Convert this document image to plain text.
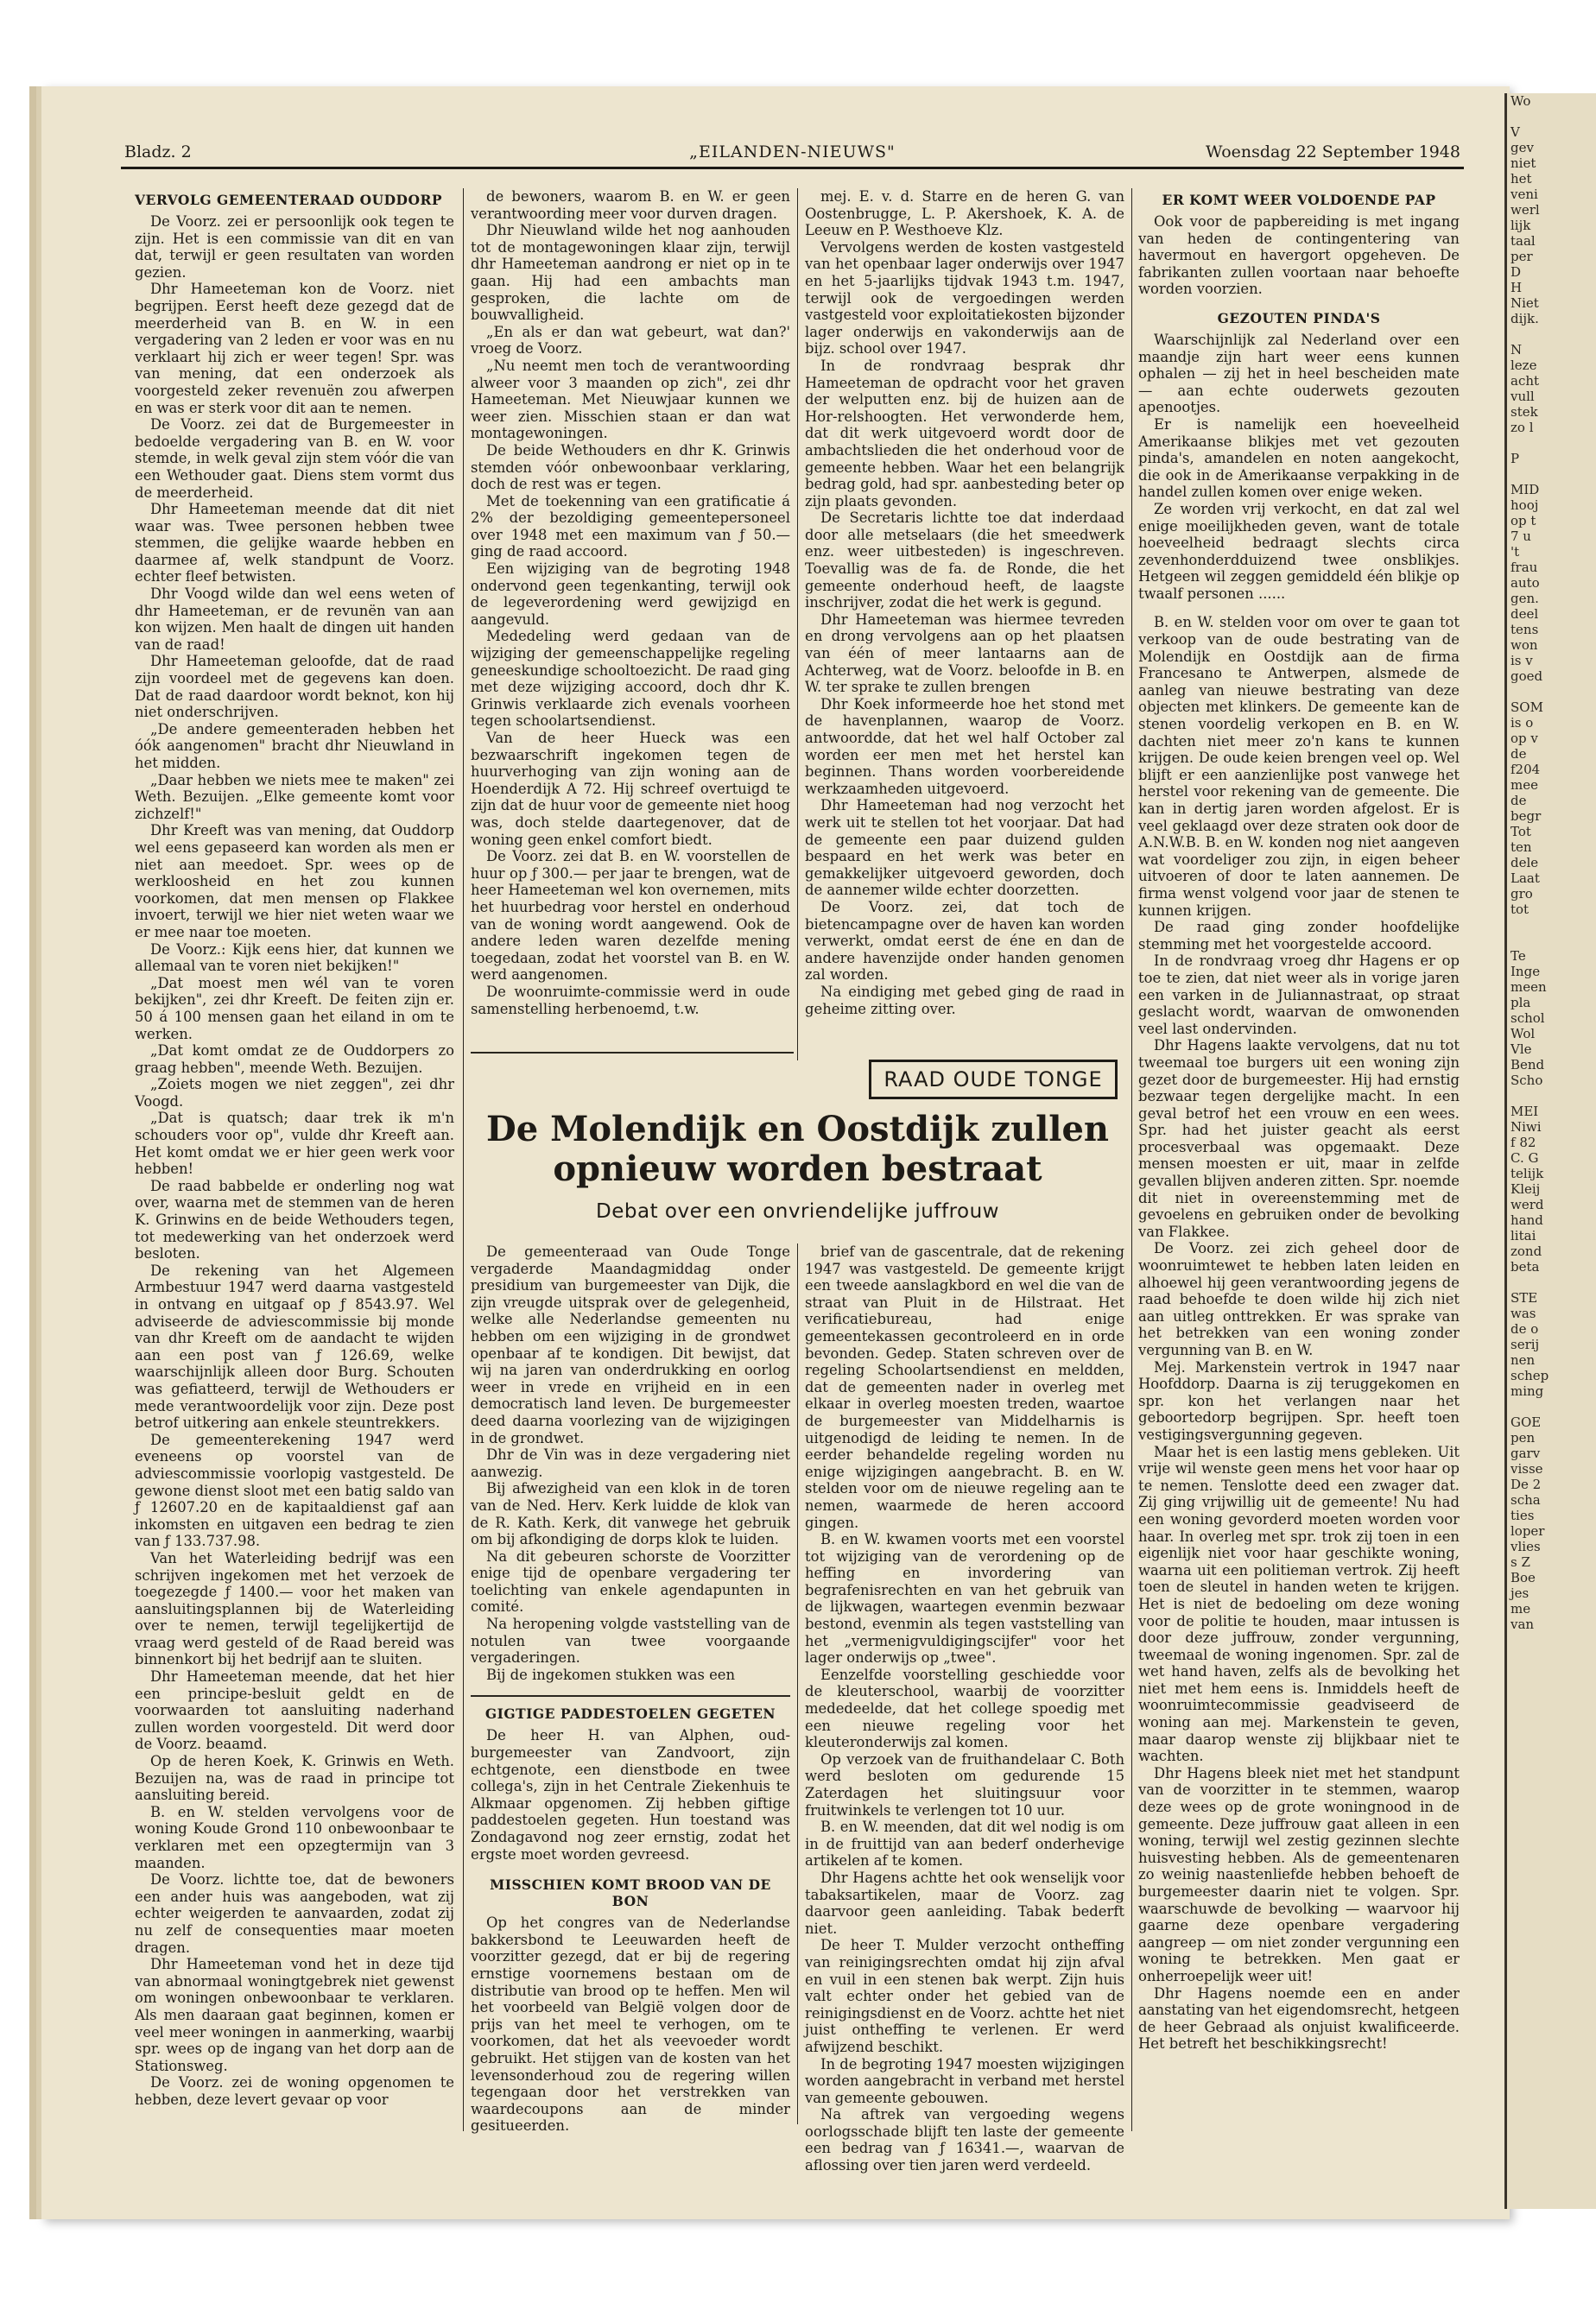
Wo

V
gev
niet
het
veni
werl
lijk
taal
per
D
H
Niet
dijk.

N
leze
acht
vull
stek
zo l

P

MID
hooj
op t
7 u
't
frau
auto
gen.
deel
tens
won
is v
goed

SOM
is o
op v
de
f204
mee
de
begr
Tot
ten
dele
Laat
gro
tot

Te
Inge
meen
pla
schol
Wol
Vle
Bend
Scho

MEI
Niwi
f 82
C. G
telijk
Kleij
werd
hand
litai
zond
beta

STE
was
de o
serij
nen
schep
ming

GOE
pen
garv
visse
De 2
scha
ties
loper
vlies
s Z
Boe
jes
me
van
Bladz. 2	„EILANDEN-NIEUWS"	Woensdag 22 September 1948
VERVOLG GEMEENTERAAD OUDDORP

De Voorz. zei er persoonlijk ook tegen te zijn. Het is een commissie van dit en van dat, terwijl er geen resultaten van worden gezien.

Dhr Hameeteman kon de Voorz. niet begrijpen. Eerst heeft deze gezegd dat de meerderheid van B. en W. in een vergadering van 2 leden er voor was en nu verklaart hij zich er weer tegen! Spr. was van mening, dat een onderzoek als voorgesteld zeker revenuën zou afwerpen en was er sterk voor dit aan te nemen.

De Voorz. zei dat de Burgemeester in bedoelde vergadering van B. en W. voor stemde, in welk geval zijn stem vóór die van een Wethouder gaat. Diens stem vormt dus de meerderheid.

Dhr Hameeteman meende dat dit niet waar was. Twee personen hebben twee stemmen, die gelijke waarde hebben en daarmee af, welk standpunt de Voorz. echter fleef betwisten.

Dhr Voogd wilde dan wel eens weten of dhr Hameeteman, er de revunën van aan kon wijzen. Men haalt de dingen uit handen van de raad!

Dhr Hameeteman geloofde, dat de raad zijn voordeel met de gegevens kan doen. Dat de raad daardoor wordt beknot, kon hij niet onderschrijven.

„De andere gemeenteraden hebben het óók aangenomen" bracht dhr Nieuwland in het midden.

„Daar hebben we niets mee te maken" zei Weth. Bezuijen. „Elke gemeente komt voor zichzelf!"

Dhr Kreeft was van mening, dat Ouddorp wel eens gepaseerd kan worden als men er niet aan meedoet. Spr. wees op de werkloosheid en het zou kunnen voorkomen, dat men mensen op Flakkee invoert, terwijl we hier niet weten waar we er mee naar toe moeten.

De Voorz.: Kijk eens hier, dat kunnen we allemaal van te voren niet bekijken!"

„Dat moest men wél van te voren bekijken", zei dhr Kreeft. De feiten zijn er. 50 á 100 mensen gaan het eiland in om te werken.

„Dat komt omdat ze de Ouddorpers zo graag hebben", meende Weth. Bezuijen.

„Zoiets mogen we niet zeggen", zei dhr Voogd.

„Dat is quatsch; daar trek ik m'n schouders voor op", vulde dhr Kreeft aan. Het komt omdat we er hier geen werk voor hebben!

De raad babbelde er onderling nog wat over, waarna met de stemmen van de heren K. Grinwins en de beide Wethouders tegen, tot medewerking van het onderzoek werd besloten.

De rekening van het Algemeen Armbestuur 1947 werd daarna vastgesteld in ontvang en uitgaaf op ƒ 8543.97. Wel adviseerde de adviescommissie bij monde van dhr Kreeft om de aandacht te wijden aan een post van ƒ 126.69, welke waarschijnlijk alleen door Burg. Schouten was gefiatteerd, terwijl de Wethouders er mede verantwoordelijk voor zijn. Deze post betrof uitkering aan enkele steuntrekkers.

De gemeenterekening 1947 werd eveneens op voorstel van de adviescommissie voorlopig vastgesteld. De gewone dienst sloot met een batig saldo van ƒ 12607.20 en de kapitaaldienst gaf aan inkomsten en uitgaven een bedrag te zien van ƒ 133.737.98.

Van het Waterleiding bedrijf was een schrijven ingekomen met het verzoek de toegezegde ƒ 1400.— voor het maken van aansluitingsplannen bij de Waterleiding over te nemen, terwijl tegelijkertijd de vraag werd gesteld of de Raad bereid was binnenkort bij het bedrijf aan te sluiten.

Dhr Hameeteman meende, dat het hier een principe-besluit geldt en de voorwaarden tot aansluiting naderhand zullen worden voorgesteld. Dit werd door de Voorz. beaamd.

Op de heren Koek, K. Grinwis en Weth. Bezuijen na, was de raad in principe tot aansluiting bereid.

B. en W. stelden vervolgens voor de woning Koude Grond 110 onbewoonbaar te verklaren met een opzegtermijn van 3 maanden.

De Voorz. lichtte toe, dat de bewoners een ander huis was aangeboden, wat zij echter weigerden te aanvaarden, zodat zij nu zelf de consequenties maar moeten dragen.

Dhr Hameeteman vond het in deze tijd van abnormaal woningtgebrek niet gewenst om woningen onbewoonbaar te verklaren. Als men daaraan gaat beginnen, komen er veel meer woningen in aanmerking, waarbij spr. wees op de ingang van het dorp aan de Stationsweg.

De Voorz. zei de woning opgenomen te hebben, deze levert gevaar op voor

de bewoners, waarom B. en W. er geen verantwoording meer voor durven dragen.

Dhr Nieuwland wilde het nog aanhouden tot de montagewoningen klaar zijn, terwijl dhr Hameeteman aandrong er niet op in te gaan. Hij had een ambachts man gesproken, die lachte om de bouwvalligheid.

„En als er dan wat gebeurt, wat dan?' vroeg de Voorz.

„Nu neemt men toch de verantwoording alweer voor 3 maanden op zich", zei dhr Hameeteman. Met Nieuwjaar kunnen we weer zien. Misschien staan er dan wat montagewoningen.

De beide Wethouders en dhr K. Grinwis stemden vóór onbewoonbaar verklaring, doch de rest was er tegen.

Met de toekenning van een gratificatie á 2% der bezoldiging gemeentepersoneel over 1948 met een maximum van ƒ 50.— ging de raad accoord.

Een wijziging van de begroting 1948 ondervond geen tegenkanting, terwijl ook de legeverordening werd gewijzigd en aangevuld.

Mededeling werd gedaan van de wijziging der gemeenschappelijke regeling geneeskundige schooltoezicht. De raad ging met deze wijziging accoord, doch dhr K. Grinwis verklaarde zich evenals voorheen tegen schoolartsendienst.

Van de heer Hueck was een bezwaarschrift ingekomen tegen de huurverhoging van zijn woning aan de Hoenderdijk A 72. Hij schreef overtuigd te zijn dat de huur voor de gemeente niet hoog was, doch stelde daartegenover, dat de woning geen enkel comfort biedt.

De Voorz. zei dat B. en W. voorstellen de huur op ƒ 300.— per jaar te brengen, wat de heer Hameeteman wel kon overnemen, mits het huurbedrag voor herstel en onderhoud van de woning wordt aangewend. Ook de andere leden waren dezelfde mening toegedaan, zodat het voorstel van B. en W. werd aangenomen.

De woonruimte-commissie werd in oude samenstelling herbenoemd, t.w.

mej. E. v. d. Starre en de heren G. van Oostenbrugge, L. P. Akershoek, K. A. de Leeuw en P. Westhoeve Klz.

Vervolgens werden de kosten vastgesteld van het openbaar lager onderwijs over 1947 en het 5-jaarlijks tijdvak 1943 t.m. 1947, terwijl ook de vergoedingen werden vastgesteld voor exploitatiekosten bijzonder lager onderwijs en vakonderwijs aan de bijz. school over 1947.

In de rondvraag besprak dhr Hameeteman de opdracht voor het graven der welputten enz. bij de huizen aan de Hor-relshoogten. Het verwonderde hem, dat dit werk uitgevoerd wordt door de ambachtslieden die het onderhoud voor de gemeente hebben. Waar het een belangrijk bedrag gold, had spr. aanbesteding beter op zijn plaats gevonden.

De Secretaris lichtte toe dat inderdaad door alle metselaars (die het smeedwerk enz. weer uitbesteden) is ingeschreven. Toevallig was de fa. de Ronde, die het gemeente onderhoud heeft, de laagste inschrijver, zodat die het werk is gegund.

Dhr Hameeteman was hiermee tevreden en drong vervolgens aan op het plaatsen van één of meer lantaarns aan de Achterweg, wat de Voorz. beloofde in B. en W. ter sprake te zullen brengen

Dhr Koek informeerde hoe het stond met de havenplannen, waarop de Voorz. antwoordde, dat het wel half October zal worden eer men met het herstel kan beginnen. Thans worden voorbereidende werkzaamheden uitgevoerd.

Dhr Hameeteman had nog verzocht het werk uit te stellen tot het voorjaar. Dat had de gemeente een paar duizend gulden bespaard en het werk was beter en gemakkelijker uitgevoerd geworden, doch de aannemer wilde echter doorzetten.

De Voorz. zei, dat toch de bietencampagne over de haven kan worden verwerkt, omdat eerst de éne en dan de andere havenzijde onder handen genomen zal worden.

Na eindiging met gebed ging de raad in geheime zitting over.

ER KOMT WEER VOLDOENDE PAP

Ook voor de papbereiding is met ingang van heden de contingentering van havermout en havergort opgeheven. De fabrikanten zullen voortaan naar behoefte worden voorzien.

GEZOUTEN PINDA'S

Waarschijnlijk zal Nederland over een maandje zijn hart weer eens kunnen ophalen — zij het in heel bescheiden mate — aan echte ouderwets gezouten apenootjes.

Er is namelijk een hoeveelheid Amerikaanse blikjes met vet gezouten pinda's, amandelen en noten aangekocht, die ook in de Amerikaanse verpakking in de handel zullen komen over enige weken.

Ze worden vrij verkocht, en dat zal wel enige moeilijkheden geven, want de totale hoeveelheid bedraagt slechts circa zevenhonderdduizend twee onsblikjes. Hetgeen wil zeggen gemiddeld één blikje op twaalf personen ......

B. en W. stelden voor om over te gaan tot verkoop van de oude bestrating van de Molendijk en Oostdijk aan de firma Francesano te Antwerpen, alsmede de aanleg van nieuwe bestrating van deze objecten met klinkers. De gemeente kan de stenen voordelig verkopen en B. en W. dachten niet meer zo'n kans te kunnen krijgen. De oude keien brengen veel op. Wel blijft er een aanzienlijke post vanwege het herstel voor rekening van de gemeente. Die kan in dertig jaren worden afgelost. Er is veel geklaagd over deze straten ook door de A.N.W.B. B. en W. konden nog niet aangeven wat voordeliger zou zijn, in eigen beheer uitvoeren of door te laten aannemen. De firma wenst volgend voor jaar de stenen te kunnen krijgen.

De raad ging zonder hoofdelijke stemming met het voorgestelde accoord.

In de rondvraag vroeg dhr Hagens er op toe te zien, dat niet weer als in vorige jaren een varken in de Juliannastraat, op straat geslacht wordt, waarvan de omwonenden veel last ondervinden.

Dhr Hagens laakte vervolgens, dat nu tot tweemaal toe burgers uit een woning zijn gezet door de burgemeester. Hij had ernstig bezwaar tegen dergelijke macht. In een geval betrof het een vrouw en een wees. Spr. had het juister geacht als eerst procesverbaal was opgemaakt. Deze mensen moesten er uit, maar in zelfde gevallen blijven anderen zitten. Spr. noemde dit niet in overeenstemming met de gevoelens en gebruiken onder de bevolking van Flakkee.

De Voorz. zei zich geheel door de woonruimtewet te hebben laten leiden en alhoewel hij geen verantwoording jegens de raad behoefde te doen wilde hij zich niet aan uitleg onttrekken. Er was sprake van het betrekken van een woning zonder vergunning van B. en W.

Mej. Markenstein vertrok in 1947 naar Hoofddorp. Daarna is zij teruggekomen en spr. kon het verlangen naar het geboortedorp begrijpen. Spr. heeft toen vestigingsvergunning gegeven.

Maar het is een lastig mens gebleken. Uit vrije wil wenste geen mens het voor haar op te nemen. Tenslotte deed een zwager dat. Zij ging vrijwillig uit de gemeente! Nu had een woning gevorderd moeten worden voor haar. In overleg met spr. trok zij toen in een eigenlijk niet voor haar geschikte woning, waarna uit een politieman vertrok. Zij heeft toen de sleutel in handen weten te krijgen. Het is niet de bedoeling om deze woning voor de politie te houden, maar intussen is door deze juffrouw, zonder vergunning, tweemaal de woning ingenomen. Spr. zal de wet hand haven, zelfs als de bevolking het niet met hem eens is. Inmiddels heeft de woonruimtecommissie geadviseerd de woning aan mej. Markenstein te geven, maar daarop wenste zij blijkbaar niet te wachten.

Dhr Hagens bleek niet met het standpunt van de voorzitter in te stemmen, waarop deze wees op de grote woningnood in de gemeente. Deze juffrouw gaat alleen in een woning, terwijl wel zestig gezinnen slechte huisvesting hebben. Als de gemeentenaren zo weinig naastenliefde hebben behoeft de burgemeester daarin niet te volgen. Spr. waarschuwde de bevolking — waarvoor hij gaarne deze openbare vergadering aangreep — om niet zonder vergunning een woning te betrekken. Men gaat er onherroepelijk weer uit!

Dhr Hagens noemde een en ander aanstating van het eigendomsrecht, hetgeen de heer Gebraad als onjuist kwalificeerde. Het betreft het beschikkingsrecht!

RAAD OUDE TONGE
De Molendijk en Oostdijk zullen opnieuw worden bestraat
Debat over een onvriendelijke juffrouw

De gemeenteraad van Oude Tonge vergaderde Maandagmiddag onder presidium van burgemeester van Dijk, die zijn vreugde uitsprak over de gelegenheid, welke alle Nederlandse gemeenten nu hebben om een wijziging in de grondwet openbaar af te kondigen. Dit bewijst, dat wij na jaren van onderdrukking en oorlog weer in vrede en vrijheid en in een democratisch land leven. De burgemeester deed daarna voorlezing van de wijzigingen in de grondwet.

Dhr de Vin was in deze vergadering niet aanwezig.

Bij afwezigheid van een klok in de toren van de Ned. Herv. Kerk luidde de klok van de R. Kath. Kerk, dit vanwege het gebruik om bij afkondiging de dorps klok te luiden.

Na dit gebeuren schorste de Voorzitter enige tijd de openbare vergadering ter toelichting van enkele agendapunten in comité.

Na heropening volgde vaststelling van de notulen van twee voorgaande vergaderingen.

Bij de ingekomen stukken was een

GIGTIGE PADDESTOELEN GEGETEN

De heer H. van Alphen, oud-burgemeester van Zandvoort, zijn echtgenote, een dienstbode en twee collega's, zijn in het Centrale Ziekenhuis te Alkmaar opgenomen. Zij hebben giftige paddestoelen gegeten. Hun toestand was Zondagavond nog zeer ernstig, zodat het ergste moet worden gevreesd.

MISSCHIEN KOMT BROOD VAN DE BON

Op het congres van de Nederlandse bakkersbond te Leeuwarden heeft de voorzitter gezegd, dat er bij de regering ernstige voornemens bestaan om de distributie van brood op te heffen. Men wil het voorbeeld van België volgen door de prijs van het meel te verhogen, om te voorkomen, dat het als veevoeder wordt gebruikt. Het stijgen van de kosten van het levensonderhoud zou de regering willen tegengaan door het verstrekken van waardecoupons aan de minder gesitueerden.

brief van de gascentrale, dat de rekening 1947 was vastgesteld. De gemeente krijgt een tweede aanslagkbord en wel die van de straat van Pluit in de Hilstraat. Het verificatiebureau, had enige gemeentekassen gecontroleerd en in orde bevonden. Gedep. Staten schreven over de regeling Schoolartsendienst en meldden, dat de gemeenten nader in overleg met elkaar in overleg moesten treden, waartoe de burgemeester van Middelharnis is uitgenodigd de leiding te nemen. In de eerder behandelde regeling worden nu enige wijzigingen aangebracht. B. en W. stelden voor om de nieuwe regeling aan te nemen, waarmede de heren accoord gingen.

B. en W. kwamen voorts met een voorstel tot wijziging van de verordening op de heffing en invordering van begrafenisrechten en van het gebruik van de lijkwagen, waartegen evenmin bezwaar bestond, evenmin als tegen vaststelling van het „vermenigvuldigingscijfer" voor het lager onderwijs op „twee".

Eenzelfde voorstelling geschiedde voor de kleuterschool, waarbij de voorzitter mededeelde, dat het college spoedig met een nieuwe regeling voor het kleuteronderwijs zal komen.

Op verzoek van de fruithandelaar C. Both werd besloten om gedurende 15 Zaterdagen het sluitingsuur voor fruitwinkels te verlengen tot 10 uur.

B. en W. meenden, dat dit wel nodig is om in de fruittijd van aan bederf onderhevige artikelen af te komen.

Dhr Hagens achtte het ook wenselijk voor tabaksartikelen, maar de Voorz. zag daarvoor geen aanleiding. Tabak bederft niet.

De heer T. Mulder verzocht ontheffing van reinigingsrechten omdat hij zijn afval en vuil in een stenen bak werpt. Zijn huis valt echter onder het gebied van de reinigingsdienst en de Voorz. achtte het niet juist ontheffing te verlenen. Er werd afwijzend beschikt.

In de begroting 1947 moesten wijzigingen worden aangebracht in verband met herstel van gemeente gebouwen.

Na aftrek van vergoeding wegens oorlogsschade blijft ten laste der gemeente een bedrag van ƒ 16341.—, waarvan de aflossing over tien jaren werd verdeeld.
